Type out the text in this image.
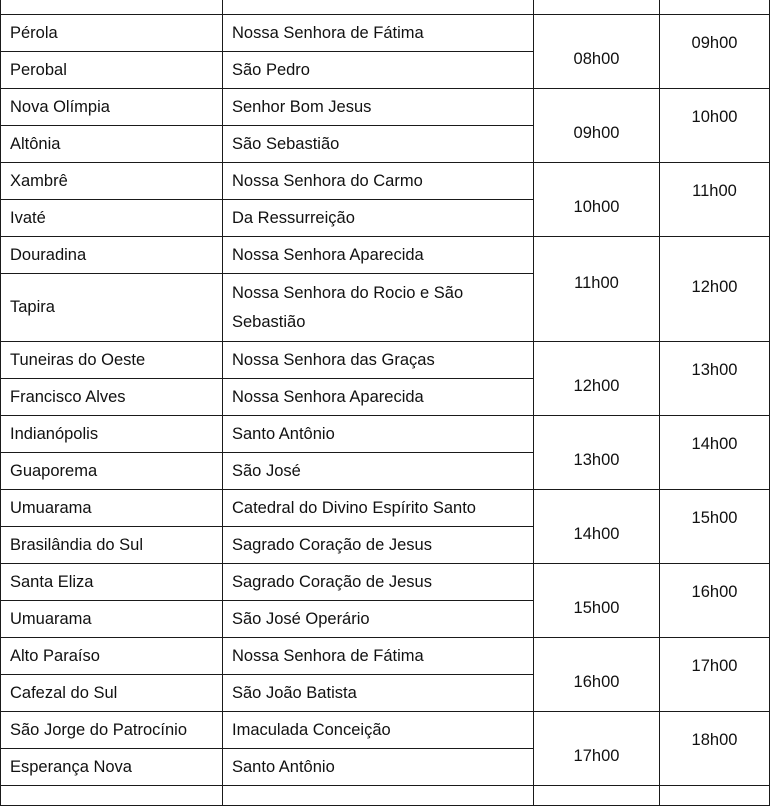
Pérola	Nossa Senhora de Fátima	08h00	09h00
Perobal	São Pedro		
Nova Olímpia	Senhor Bom Jesus	09h00	10h00
Altônia	São Sebastião		
Xambrê	Nossa Senhora do Carmo	10h00	11h00
Ivaté	Da Ressurreição		
Douradina	Nossa Senhora Aparecida	11h00	12h00
Tapira	Nossa Senhora do Rocio e São Sebastião		
Tuneiras do Oeste	Nossa Senhora das Graças	12h00	13h00
Francisco Alves	Nossa Senhora Aparecida		
Indianópolis	Santo Antônio	13h00	14h00
Guaporema	São José		
Umuarama	Catedral do Divino Espírito Santo	14h00	15h00
Brasilândia do Sul	Sagrado Coração de Jesus		
Santa Eliza	Sagrado Coração de Jesus	15h00	16h00
Umuarama	São José Operário		
Alto Paraíso	Nossa Senhora de Fátima	16h00	17h00
Cafezal do Sul	São João Batista		
São Jorge do Patrocínio	Imaculada Conceição	17h00	18h00
Esperança Nova	Santo Antônio		
